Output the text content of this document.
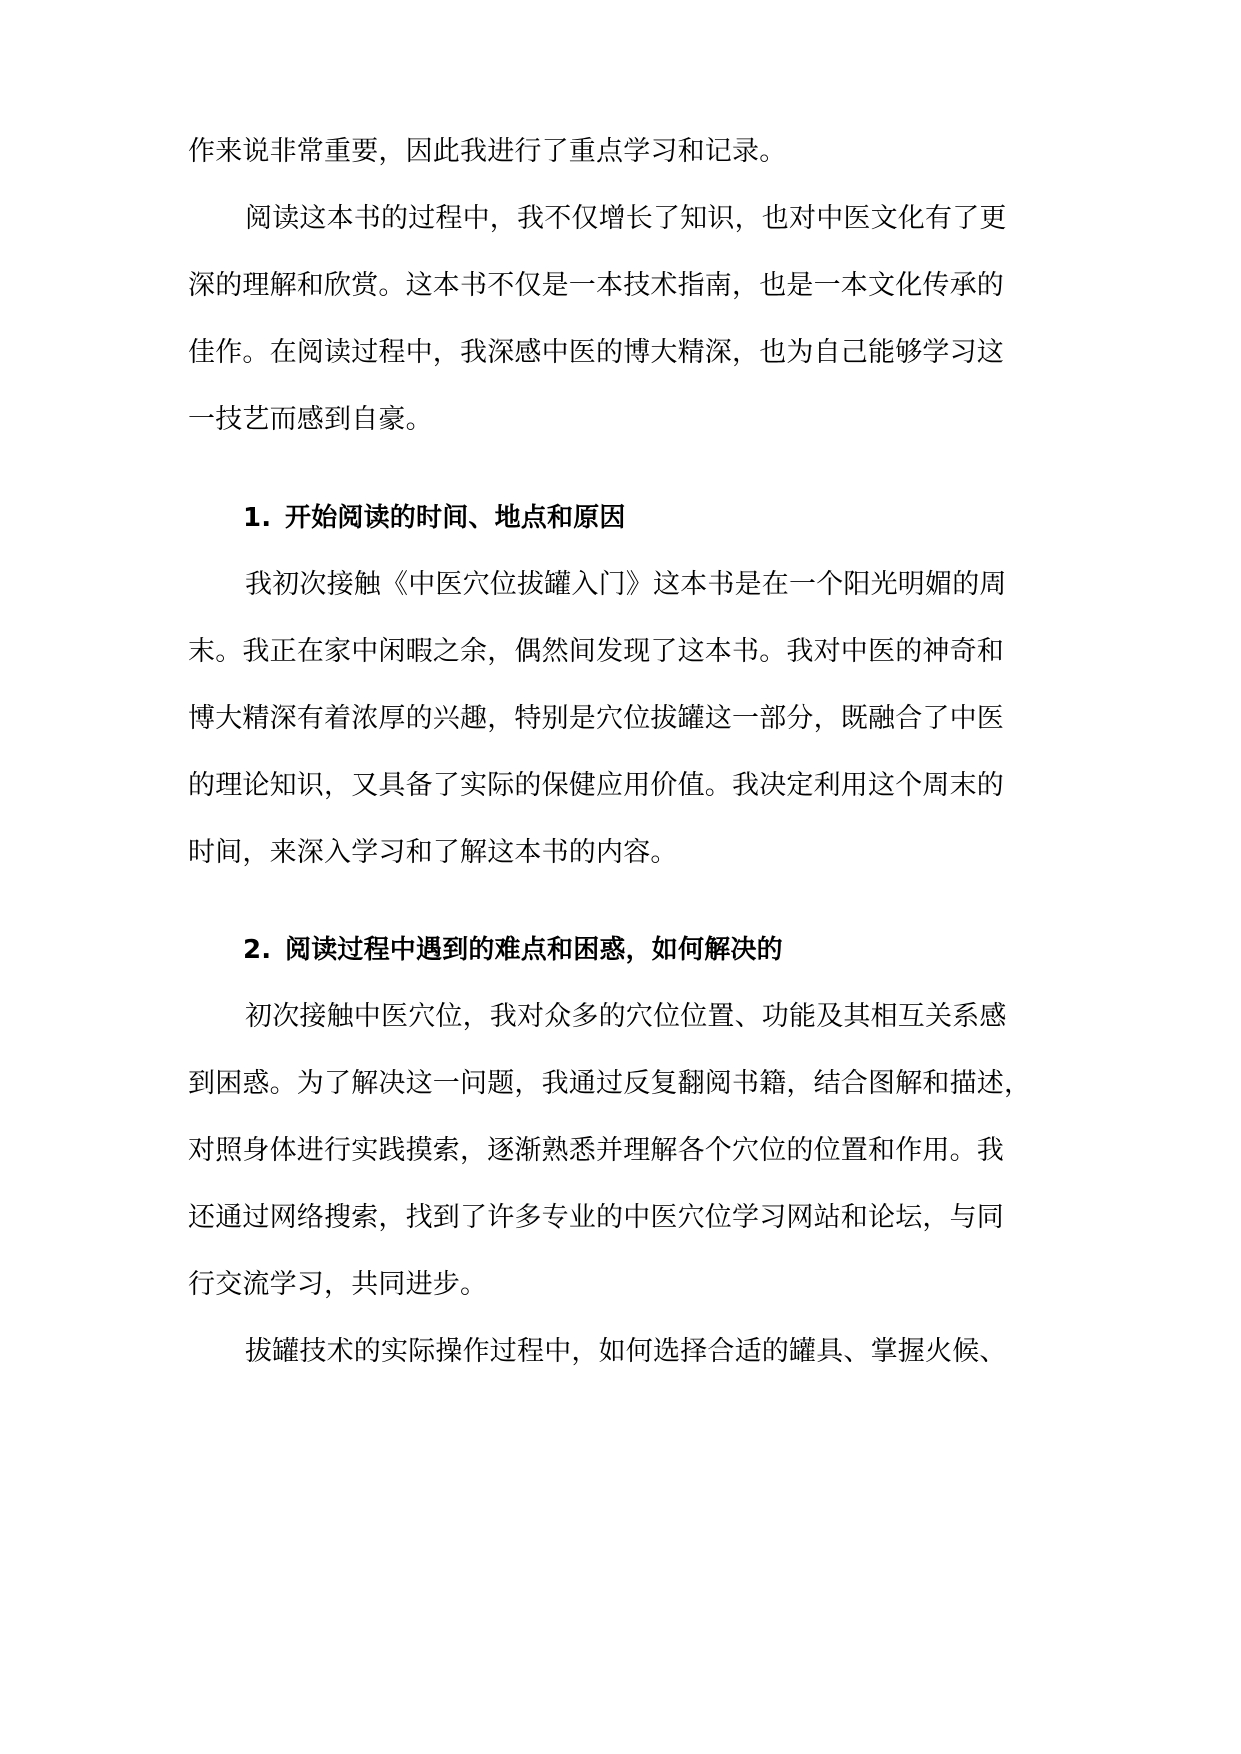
作来说非常重要，因此我进行了重点学习和记录。
阅读这本书的过程中，我不仅增长了知识，也对中医文化有了更
深的理解和欣赏。这本书不仅是一本技术指南，也是一本文化传承的
佳作。在阅读过程中，我深感中医的博大精深，也为自己能够学习这
一技艺而感到自豪。
1. 开始阅读的时间、地点和原因
我初次接触《中医穴位拔罐入门》这本书是在一个阳光明媚的周
末。我正在家中闲暇之余，偶然间发现了这本书。我对中医的神奇和
博大精深有着浓厚的兴趣，特别是穴位拔罐这一部分，既融合了中医
的理论知识，又具备了实际的保健应用价值。我决定利用这个周末的
时间，来深入学习和了解这本书的内容。
2. 阅读过程中遇到的难点和困惑，如何解决的
初次接触中医穴位，我对众多的穴位位置、功能及其相互关系感
到困惑。为了解决这一问题，我通过反复翻阅书籍，结合图解和描述，
对照身体进行实践摸索，逐渐熟悉并理解各个穴位的位置和作用。我
还通过网络搜索，找到了许多专业的中医穴位学习网站和论坛，与同
行交流学习，共同进步。
拔罐技术的实际操作过程中，如何选择合适的罐具、掌握火候、
